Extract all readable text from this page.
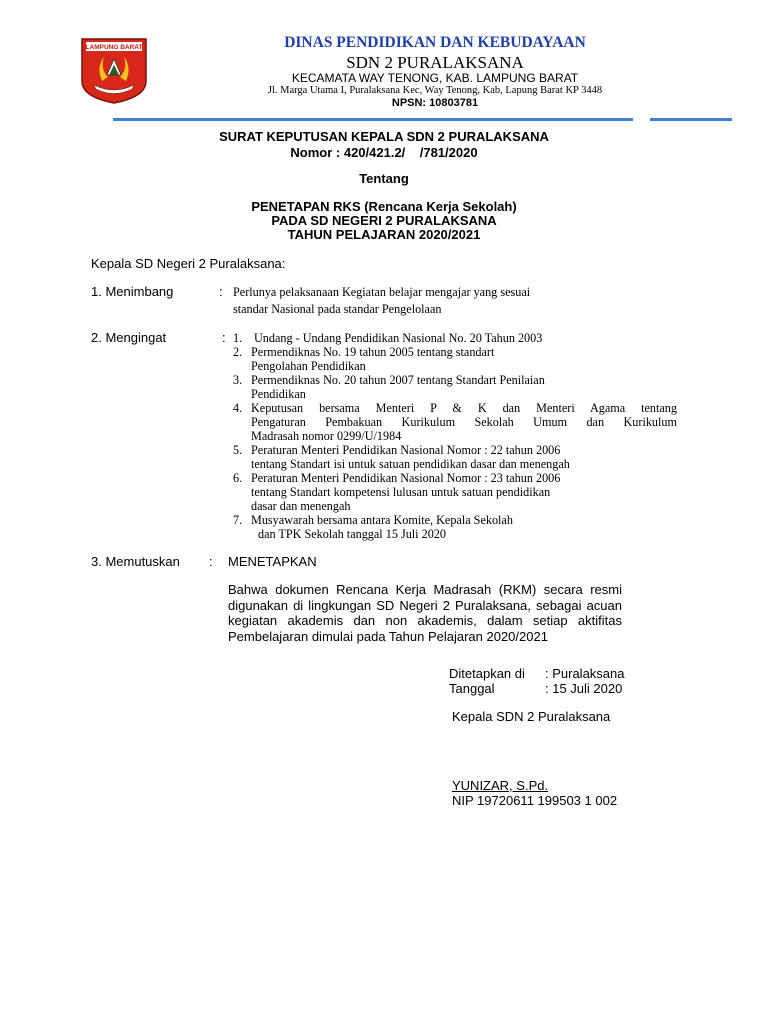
LAMPUNG BARAT	DINAS PENDIDIKAN DAN KEBUDAYAAN
SDN 2 PURALAKSANA
KECAMATA WAY TENONG, KAB. LAMPUNG BARAT
Jl. Marga Utama I, Puralaksana Kec, Way Tenong, Kab, Lapung Barat KP 3448
NPSN: 10803781
SURAT KEPUTUSAN KEPALA SDN 2 PURALAKSANA
Nomor : 420/421.2/    /781/2020
Tentang
PENETAPAN RKS (Rencana Kerja Sekolah)
PADA SD NEGERI 2 PURALAKSANA
TAHUN PELAJARAN 2020/2021
Kepala SD Negeri 2 Puralaksana:
1. Menimbang	: Perlunya pelaksanaan Kegiatan belajar mengajar yang sesuai
standar Nasional pada standar Pengelolaan
2. Mengingat	: 1. Undang - Undang Pendidikan Nasional No. 20 Tahun 2003
2. Permendiknas No. 19 tahun 2005 tentang standart
Pengolahan Pendidikan
3. Permendiknas No. 20 tahun 2007 tentang Standart Penilaian
Pendidikan
4. Keputusan bersama Menteri P & K dan Menteri Agama tentang
Pengaturan Pembakuan Kurikulum Sekolah Umum dan Kurikulum
Madrasah nomor 0299/U/1984
5. Peraturan Menteri Pendidikan Nasional Nomor : 22 tahun 2006
tentang Standart isi untuk satuan pendidikan dasar dan menengah
6. Peraturan Menteri Pendidikan Nasional Nomor : 23 tahun 2006
tentang Standart kompetensi lulusan untuk satuan pendidikan
dasar dan menengah
7. Musyawarah bersama antara Komite, Kepala Sekolah
dan TPK Sekolah tanggal 15 Juli 2020
3. Memutuskan : MENETAPKAN
Bahwa dokumen Rencana Kerja Madrasah (RKM) secara resmi
digunakan di lingkungan SD Negeri 2 Puralaksana, sebagai acuan
kegiatan akademis dan non akademis, dalam setiap aktifitas
Pembelajaran dimulai pada Tahun Pelajaran 2020/2021
Ditetapkan di : Puralaksana
Tanggal	: 15 Juli 2020
Kepala SDN 2 Puralaksana
YUNIZAR, S.Pd.
NIP 19720611 199503 1 002
